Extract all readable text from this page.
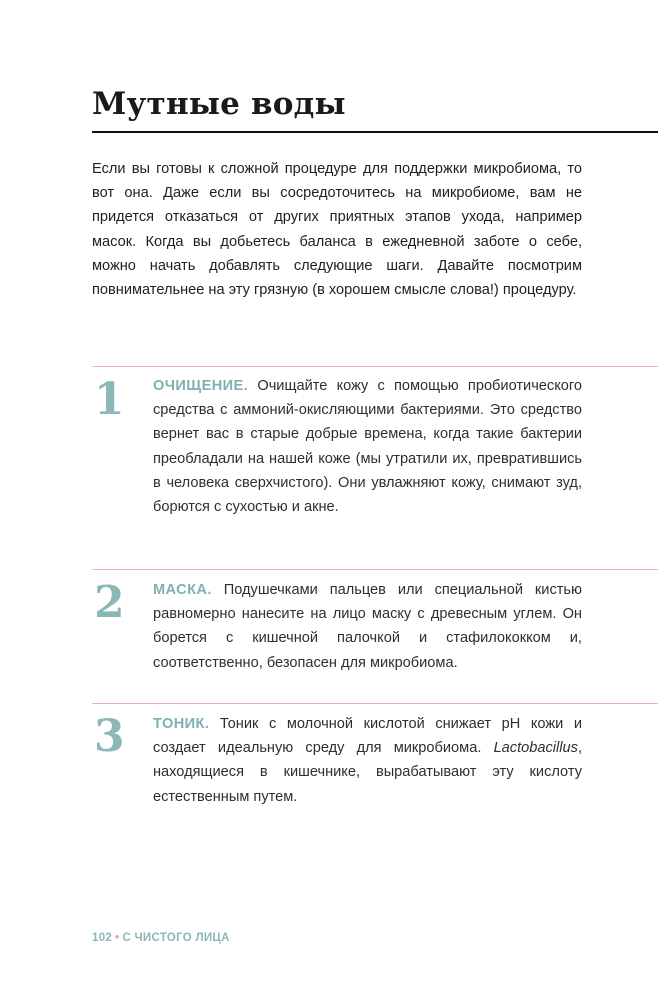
Мутные воды
Если вы готовы к сложной процедуре для поддержки микробиома, то вот она. Даже если вы сосредоточитесь на микробиоме, вам не придется отказаться от других приятных этапов ухода, например масок. Когда вы добьетесь баланса в ежедневной заботе о себе, можно начать добавлять следующие шаги. Давайте посмотрим повнимательнее на эту грязную (в хорошем смысле слова!) процедуру.
1 ОЧИЩЕНИЕ. Очищайте кожу с помощью пробиотического средства с аммоний-окисляющими бактериями. Это средство вернет вас в старые добрые времена, когда такие бактерии преобладали на нашей коже (мы утратили их, превратившись в человека сверхчистого). Они увлажняют кожу, снимают зуд, борются с сухостью и акне.
2 МАСКА. Подушечками пальцев или специальной кистью равномерно нанесите на лицо маску с древесным углем. Он борется с кишечной палочкой и стафилококком и, соответственно, безопасен для микробиома.
3 ТОНИК. Тоник с молочной кислотой снижает pH кожи и создает идеальную среду для микробиома. Lactobacillus, находящиеся в кишечнике, вырабатывают эту кислоту естественным путем.
102 • С ЧИСТОГО ЛИЦА
